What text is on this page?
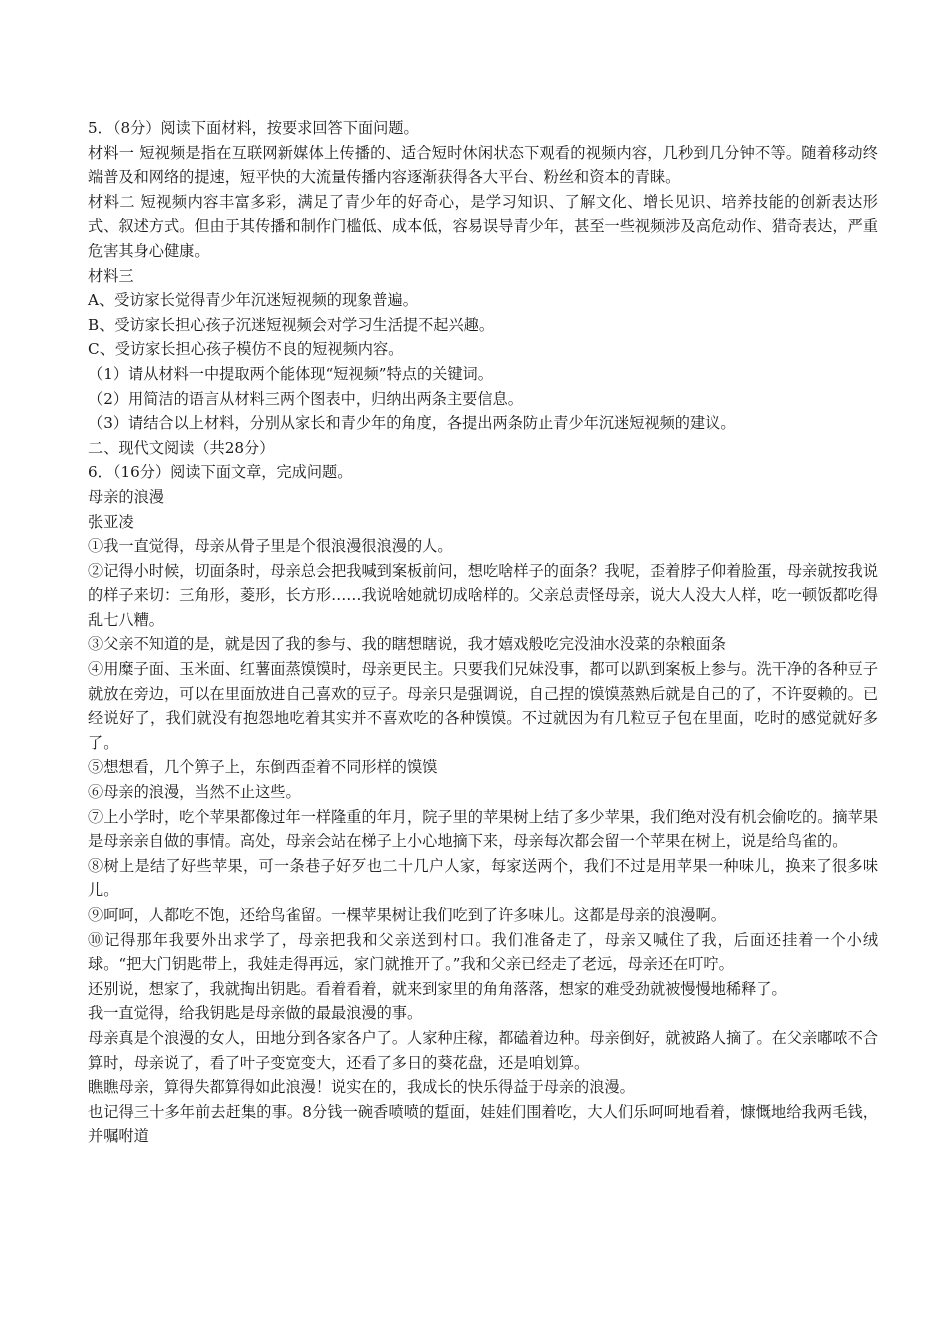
5．（8分）阅读下面材料，按要求回答下面问题。

材料一 短视频是指在互联网新媒体上传播的、适合短时休闲状态下观看的视频内容，几秒到几分钟不等。随着移动终端普及和网络的提速，短平快的大流量传播内容逐渐获得各大平台、粉丝和资本的青睐。

材料二 短视频内容丰富多彩，满足了青少年的好奇心，是学习知识、了解文化、增长见识、培养技能的创新表达形式、叙述方式。但由于其传播和制作门槛低、成本低，容易误导青少年，甚至一些视频涉及高危动作、猎奇表达，严重危害其身心健康。

材料三

A、受访家长觉得青少年沉迷短视频的现象普遍。

B、受访家长担心孩子沉迷短视频会对学习生活提不起兴趣。

C、受访家长担心孩子模仿不良的短视频内容。

（1）请从材料一中提取两个能体现“短视频”特点的关键词。

（2）用简洁的语言从材料三两个图表中，归纳出两条主要信息。

（3）请结合以上材料，分别从家长和青少年的角度，各提出两条防止青少年沉迷短视频的建议。

二、现代文阅读（共28分）

6．（16分）阅读下面文章，完成问题。

母亲的浪漫

张亚凌

①我一直觉得，母亲从骨子里是个很浪漫很浪漫的人。

②记得小时候，切面条时，母亲总会把我喊到案板前问，想吃啥样子的面条？我呢，歪着脖子仰着脸蛋，母亲就按我说的样子来切：三角形，菱形，长方形……我说啥她就切成啥样的。父亲总责怪母亲，说大人没大人样，吃一顿饭都吃得乱七八糟。

③父亲不知道的是，就是因了我的参与、我的瞎想瞎说，我才嬉戏般吃完没油水没菜的杂粮面条

④用糜子面、玉米面、红薯面蒸馍馍时，母亲更民主。只要我们兄妹没事，都可以趴到案板上参与。洗干净的各种豆子就放在旁边，可以在里面放进自己喜欢的豆子。母亲只是强调说，自己捏的馍馍蒸熟后就是自己的了，不许耍赖的。已经说好了，我们就没有抱怨地吃着其实并不喜欢吃的各种馍馍。不过就因为有几粒豆子包在里面，吃时的感觉就好多了。

⑤想想看，几个箅子上，东倒西歪着不同形样的馍馍

⑥母亲的浪漫，当然不止这些。

⑦上小学时，吃个苹果都像过年一样隆重的年月，院子里的苹果树上结了多少苹果，我们绝对没有机会偷吃的。摘苹果是母亲亲自做的事情。高处，母亲会站在梯子上小心地摘下来，母亲每次都会留一个苹果在树上，说是给鸟雀的。

⑧树上是结了好些苹果，可一条巷子好歹也二十几户人家，每家送两个，我们不过是用苹果一种味儿，换来了很多味儿。

⑨呵呵，人都吃不饱，还给鸟雀留。一棵苹果树让我们吃到了许多味儿。这都是母亲的浪漫啊。

⑩记得那年我要外出求学了，母亲把我和父亲送到村口。我们准备走了，母亲又喊住了我，后面还挂着一个小绒球。“把大门钥匙带上，我娃走得再远，家门就推开了。”我和父亲已经走了老远，母亲还在叮咛。

还别说，想家了，我就掏出钥匙。看着看着，就来到家里的角角落落，想家的难受劲就被慢慢地稀释了。

我一直觉得，给我钥匙是母亲做的最最浪漫的事。

母亲真是个浪漫的女人，田地分到各家各户了。人家种庄稼，都磕着边种。母亲倒好，就被路人摘了。在父亲嘟哝不合算时，母亲说了，看了叶子变宽变大，还看了多日的葵花盘，还是咱划算。

瞧瞧母亲，算得失都算得如此浪漫！说实在的，我成长的快乐得益于母亲的浪漫。

也记得三十多年前去赶集的事。8分钱一碗香喷喷的踅面，娃娃们围着吃，大人们乐呵呵地看着，慷慨地给我两毛钱，并嘱咐道
